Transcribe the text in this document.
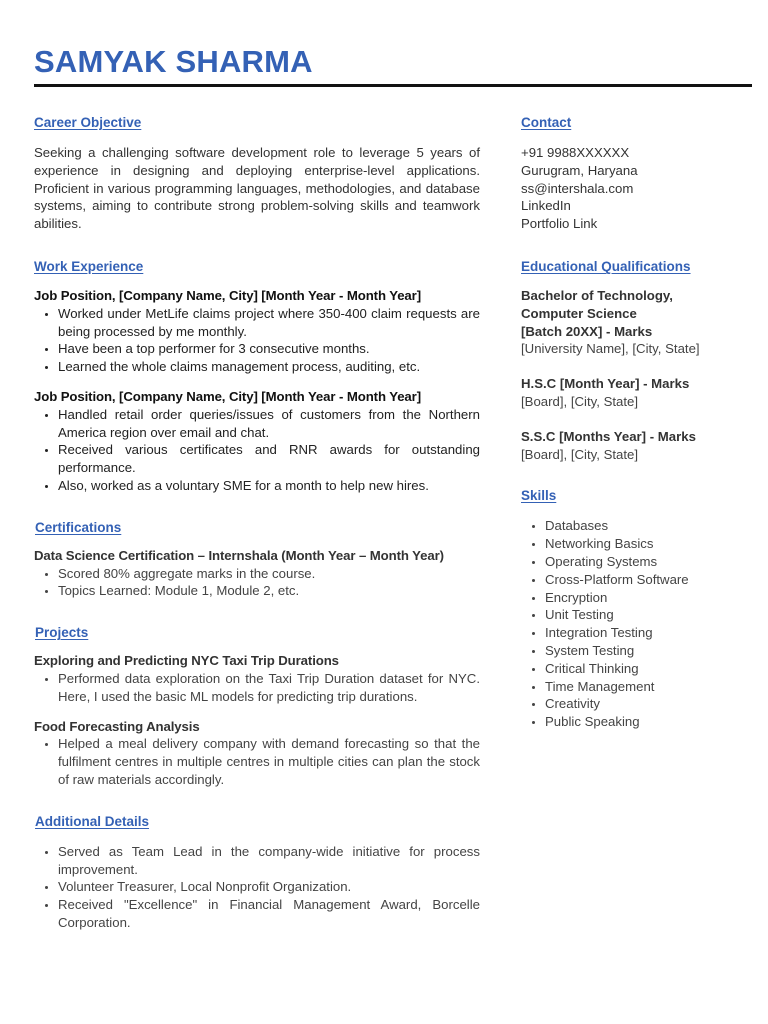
SAMYAK SHARMA
Career Objective

Seeking a challenging software development role to leverage 5 years of experience in designing and deploying enterprise-level applications. Proficient in various programming languages, methodologies, and database systems, aiming to contribute strong problem-solving skills and teamwork abilities.

Work Experience
Job Position, [Company Name, City] [Month Year - Month Year]
• Worked under MetLife claims project where 350-400 claim requests are being processed by me monthly.
• Have been a top performer for 3 consecutive months.
• Learned the whole claims management process, auditing, etc.
Job Position, [Company Name, City] [Month Year - Month Year]
• Handled retail order queries/issues of customers from the Northern America region over email and chat.
• Received various certificates and RNR awards for outstanding performance.
• Also, worked as a voluntary SME for a month to help new hires.
Certifications
Data Science Certification – Internshala (Month Year – Month Year)
• Scored 80% aggregate marks in the course.
• Topics Learned: Module 1, Module 2, etc.
Projects
Exploring and Predicting NYC Taxi Trip Durations
• Performed data exploration on the Taxi Trip Duration dataset for NYC. Here, I used the basic ML models for predicting trip durations.
Food Forecasting Analysis
• Helped a meal delivery company with demand forecasting so that the fulfilment centres in multiple centres in multiple cities can plan the stock of raw materials accordingly.
Additional Details
• Served as Team Lead in the company-wide initiative for process improvement.
• Volunteer Treasurer, Local Nonprofit Organization.
• Received "Excellence" in Financial Management Award, Borcelle Corporation.
Contact
+91 9988XXXXXX
Gurugram, Haryana
ss@intershala.com
LinkedIn
Portfolio Link
Educational Qualifications
Bachelor of Technology,
Computer Science
[Batch 20XX] - Marks
[University Name], [City, State]
H.S.C [Month Year] - Marks
[Board], [City, State]
S.S.C [Months Year] - Marks
[Board], [City, State]
Skills
• Databases
• Networking Basics
• Operating Systems
• Cross-Platform Software
• Encryption
• Unit Testing
• Integration Testing
• System Testing
• Critical Thinking
• Time Management
• Creativity
• Public Speaking
